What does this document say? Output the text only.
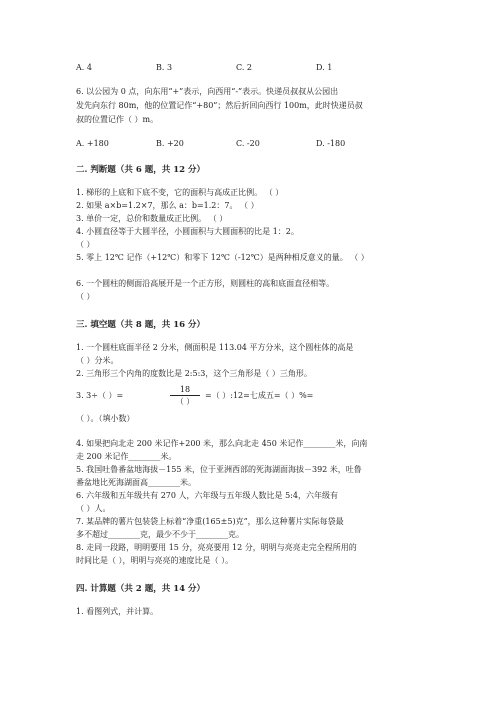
A. 4	B. 3	C. 2	D. 1
6. 以公园为 0 点，向东用“+”表示，向西用“-”表示。快递员叔叔从公园出
发先向东行 80m，他的位置记作“+80”；然后折回向西行 100m，此时快递员叔
叔的位置记作（ ）m。
A. +180	B. +20	C. -20	D. -180
二. 判断题（共 6 题，共 12 分）
1. 梯形的上底和下底不变，它的面积与高成正比例。 （ ）
2. 如果 a×b=1.2×7，那么 a：b=1.2：7。 （ ）
3. 单价一定，总价和数量成正比例。 （ ）
4. 小圆直径等于大圆半径，小圆面积与大圆面积的比是 1：2。
（ ）
5. 零上 12℃ 记作（+12℃）和零下 12℃（-12℃）是两种相反意义的量。 （ ）
6. 一个圆柱的侧面沿高展开是一个正方形，则圆柱的高和底面直径相等。
（ ）
三. 填空题（共 8 题，共 16 分）
1. 一个圆柱底面半径 2 分米，侧面积是 113.04 平方分米，这个圆柱体的高是
（ ）分米。
2. 三角形三个内角的度数比是 2:5:3，这个三角形是（ ）三角形。
3. 3÷（ ）=
18
（ ）
=（ ）:12=七成五=（ ）%=
（ ）。（填小数）
4. 如果把向北走 200 米记作+200 米，那么向北走 450 米记作________米，向南
走 200 米记作________米。
5. 我国吐鲁番盆地海拔－155 米，位于亚洲西部的死海湖面海拔－392 米，吐鲁
番盆地比死海湖面高________米。
6. 六年级和五年级共有 270 人，六年级与五年级人数比是 5:4，六年级有
（ ）人。
7. 某品牌的薯片包装袋上标着“净重(165±5)克”，那么这种薯片实际每袋最
多不超过________克，最少不少于________克。
8. 走同一段路，明明要用 15 分，亮亮要用 12 分，明明与亮亮走完全程所用的
时间比是（ ），明明与亮亮的速度比是（ ）。
四. 计算题（共 2 题，共 14 分）
1. 看图列式，并计算。
